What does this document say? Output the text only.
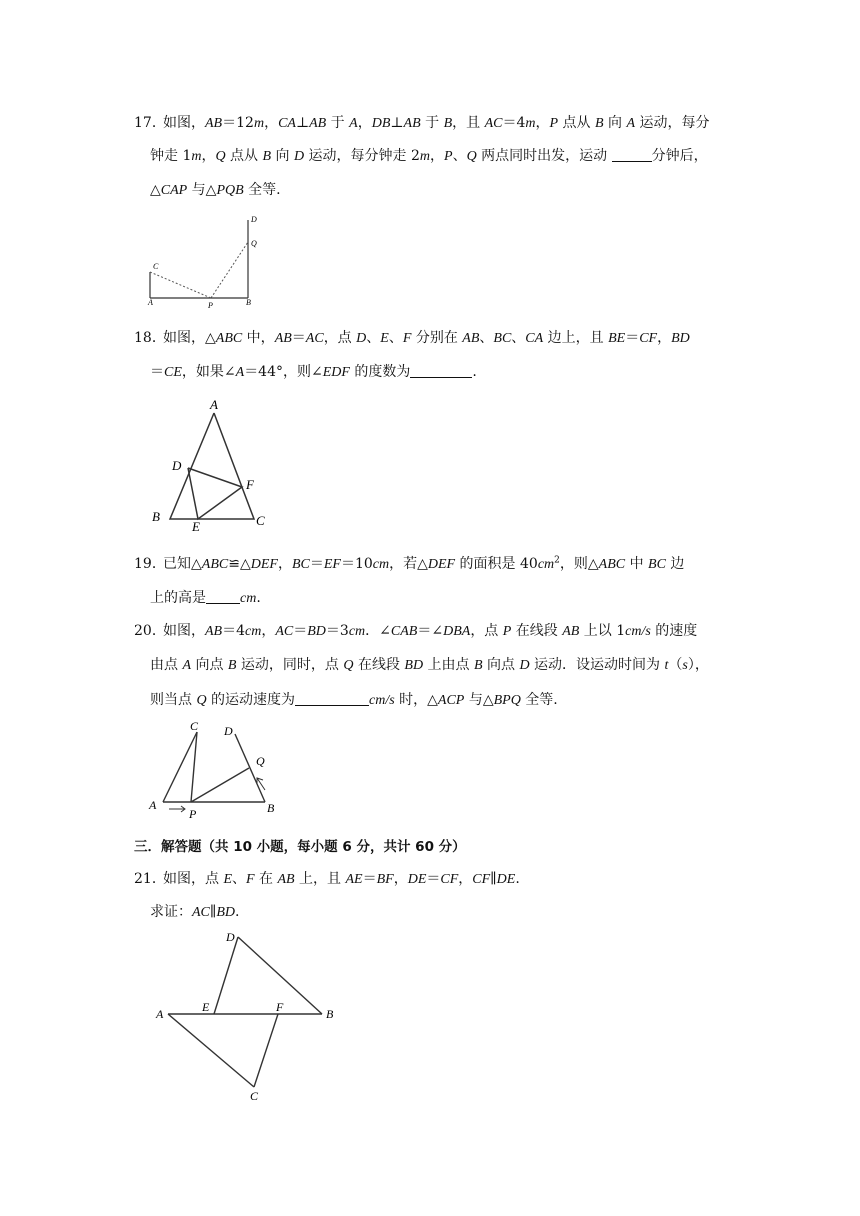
17．
如图，AB＝12m，CA⊥AB 于 A，DB⊥AB 于 B，且 AC＝4m，P 点从 B 向 A 运动，每分
钟走 1m，Q 点从 B 向 D 运动，每分钟走 2m，P、Q 两点同时出发，运动	分钟后，
△CAP 与△PQB 全等.
D
Q
C
A	P	B
18．
如图，△ABC 中，AB＝AC，点 D、E、F 分别在 AB、BC、CA 边上，且 BE＝CF，BD
＝CE，如果∠A＝44°，则∠EDF 的度数为	.
A
D
F
B
E	C
19．
已知△ABC≌△DEF，BC＝EF＝10cm，若△DEF 的面积是 $40cm^2$，则△ABC 中 BC 边
上的高是 cm.
20．
如图，AB＝4cm，AC＝BD＝3cm．∠CAB＝∠DBA，点 P 在线段 AB 上以 1cm/s 的速度
由点 A 向点 B 运动，同时，点 Q 在线段 BD 上由点 B 向点 D 运动．设运动时间为 t（s），
则当点 Q 的运动速度为	cm/s 时，△ACP 与△BPQ 全等.
C D
Q
A
P	B
三．解答题（共 10 小题，每小题 6 分，共计 60 分）
21．
如图，点 E、F 在 AB 上，且 AE＝BF，DE＝CF，CF∥DE.
求证：AC∥BD.
D
A	E	F	B
C
